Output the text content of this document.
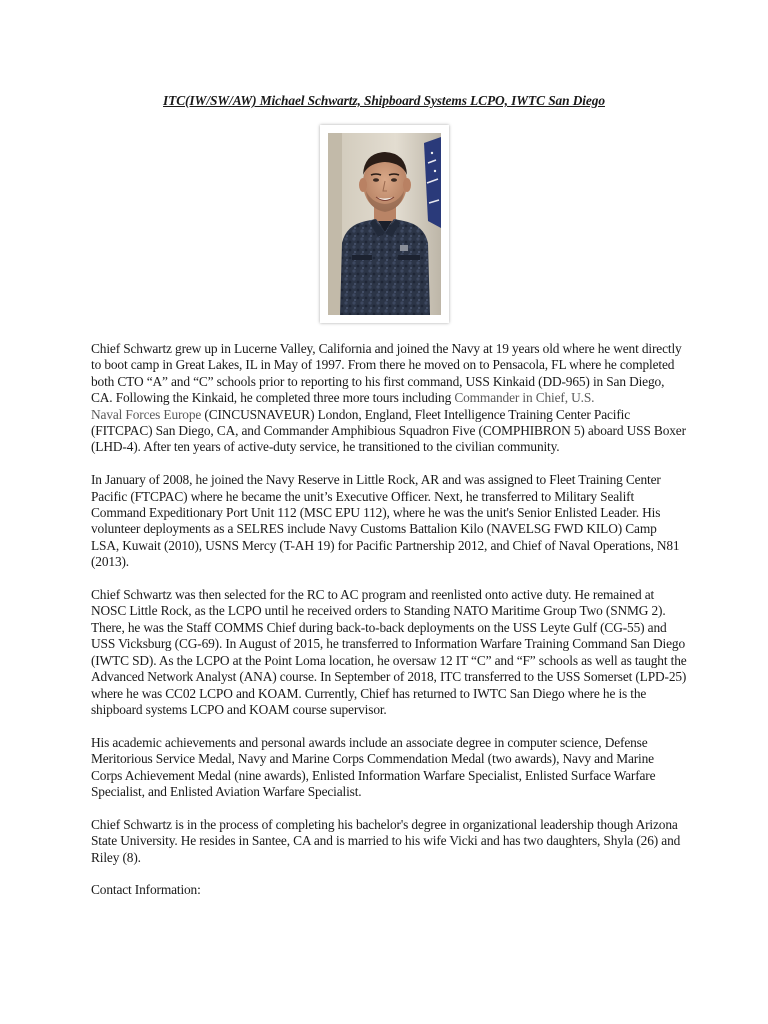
ITC(IW/SW/AW) Michael Schwartz, Shipboard Systems LCPO, IWTC San Diego

Chief Schwartz grew up in Lucerne Valley, California and joined the Navy at 19 years old where he went directly to boot camp in Great Lakes, IL in May of 1997. From there he moved on to Pensacola, FL where he completed both CTO “A” and “C” schools prior to reporting to his first command, USS Kinkaid (DD-965) in San Diego, CA. Following the Kinkaid, he completed three more tours including Commander in Chief, U.S.
Naval Forces Europe (CINCUSNAVEUR) London, England, Fleet Intelligence Training Center Pacific (FITCPAC) San Diego, CA, and Commander Amphibious Squadron Five (COMPHIBRON 5) aboard USS Boxer (LHD-4). After ten years of active-duty service, he transitioned to the civilian community.

In January of 2008, he joined the Navy Reserve in Little Rock, AR and was assigned to Fleet Training Center Pacific (FTCPAC) where he became the unit’s Executive Officer. Next, he transferred to Military Sealift Command Expeditionary Port Unit 112 (MSC EPU 112), where he was the unit's Senior Enlisted Leader. His volunteer deployments as a SELRES include Navy Customs Battalion Kilo (NAVELSG FWD KILO) Camp LSA, Kuwait (2010), USNS Mercy (T-AH 19) for Pacific Partnership 2012, and Chief of Naval Operations, N81 (2013).

Chief Schwartz was then selected for the RC to AC program and reenlisted onto active duty. He remained at NOSC Little Rock, as the LCPO until he received orders to Standing NATO Maritime Group Two (SNMG 2). There, he was the Staff COMMS Chief during back-to-back deployments on the USS Leyte Gulf (CG-55) and USS Vicksburg (CG-69). In August of 2015, he transferred to Information Warfare Training Command San Diego (IWTC SD). As the LCPO at the Point Loma location, he oversaw 12 IT “C” and “F” schools as well as taught the Advanced Network Analyst (ANA) course. In September of 2018, ITC transferred to the USS Somerset (LPD-25) where he was CC02 LCPO and KOAM. Currently, Chief has returned to IWTC San Diego where he is the shipboard systems LCPO and KOAM course supervisor.

His academic achievements and personal awards include an associate degree in computer science, Defense Meritorious Service Medal, Navy and Marine Corps Commendation Medal (two awards), Navy and Marine Corps Achievement Medal (nine awards), Enlisted Information Warfare Specialist, Enlisted Surface Warfare Specialist, and Enlisted Aviation Warfare Specialist.

Chief Schwartz is in the process of completing his bachelor's degree in organizational leadership though Arizona State University. He resides in Santee, CA and is married to his wife Vicki and has two daughters, Shyla (26) and Riley (8).

Contact Information:
